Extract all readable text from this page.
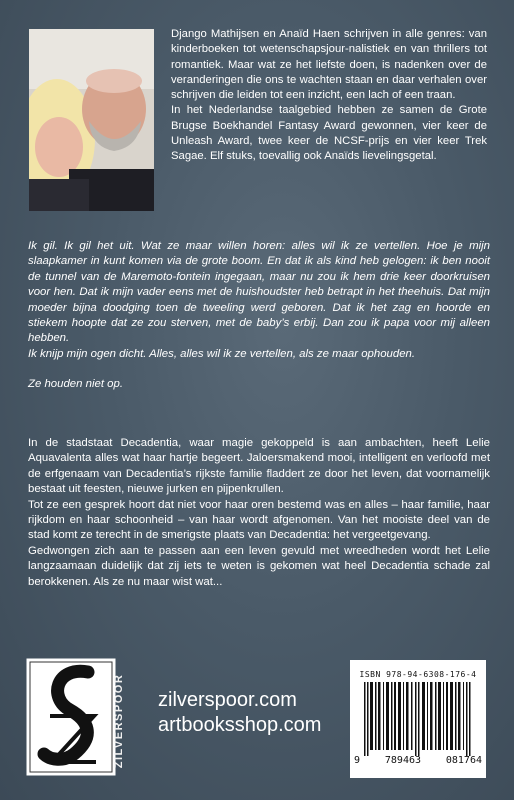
Django Mathijsen en Anaïd Haen schrijven in alle genres: van kinderboeken tot wetenschapsjour-nalistiek en van thrillers tot romantiek. Maar wat ze het liefste doen, is nadenken over de veranderingen die ons te wachten staan en daar verhalen over schrijven die leiden tot een inzicht, een lach of een traan.

In het Nederlandse taalgebied hebben ze samen de Grote Brugse Boekhandel Fantasy Award gewonnen, vier keer de Unleash Award, twee keer de NCSF-prijs en vier keer Trek Sagae. Elf stuks, toevallig ook Anaïds lievelingsgetal.

Ik gil. Ik gil het uit. Wat ze maar willen horen: alles wil ik ze vertellen. Hoe je mijn slaapkamer in kunt komen via de grote boom. En dat ik als kind heb gelogen: ik ben nooit de tunnel van de Maremoto-fontein ingegaan, maar nu zou ik hem drie keer doorkruisen voor hen. Dat ik mijn vader eens met de huishoudster heb betrapt in het theehuis. Dat mijn moeder bijna doodging toen de tweeling werd geboren. Dat ik het zag en hoorde en stiekem hoopte dat ze zou sterven, met de baby’s erbij. Dan zou ik papa voor mij alleen hebben.

Ik knijp mijn ogen dicht. Alles, alles wil ik ze vertellen, als ze maar ophouden.

Ze houden niet op.

In de stadstaat Decadentia, waar magie gekoppeld is aan ambachten, heeft Lelie Aquavalenta alles wat haar hartje begeert. Jaloersmakend mooi, intelligent en verloofd met de erfgenaam van Decadentia’s rijkste familie fladdert ze door het leven, dat voornamelijk bestaat uit feesten, nieuwe jurken en pijpenkrullen.

Tot ze een gesprek hoort dat niet voor haar oren bestemd was en alles – haar familie, haar rijkdom en haar schoonheid – van haar wordt afgenomen. Van het mooiste deel van de stad komt ze terecht in de smerigste plaats van Decadentia: het vergeetgevang.

Gedwongen zich aan te passen aan een leven gevuld met wreedheden wordt het Lelie langzaamaan duidelijk dat zij iets te weten is gekomen wat heel Decadentia schade zal berokkenen. Als ze nu maar wist wat...

ZILVERSPOOR zilverspoor.com
artbooksshop.com
ISBN 978-94-6308-176-4
9 789463 081764
